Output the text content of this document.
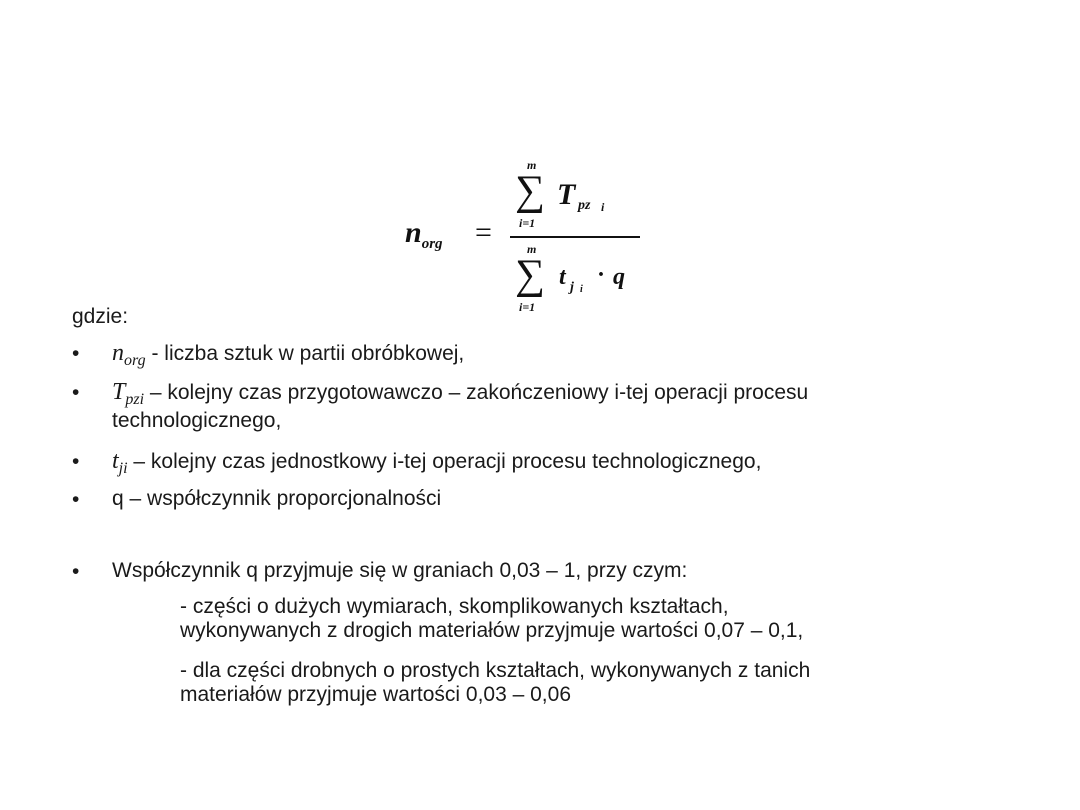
$n_{org}$ =
m
∑
i=1
T pz i
m
∑
i=1
t j i
· q
gdzie:
• $n_{org}$ - liczba sztuk w partii obróbkowej,
• $T_{pzi}$ – kolejny czas przygotowawczo – zakończeniowy i-tej operacji procesu
technologicznego,
• $t_{ji}$ – kolejny czas jednostkowy i-tej operacji procesu technologicznego,
• q – współczynnik proporcjonalności
• Współczynnik q przyjmuje się w graniach 0,03 – 1, przy czym:
- części o dużych wymiarach, skomplikowanych kształtach,
wykonywanych z drogich materiałów przyjmuje wartości 0,07 – 0,1,
- dla części drobnych o prostych kształtach, wykonywanych z tanich
materiałów przyjmuje wartości 0,03 – 0,06
